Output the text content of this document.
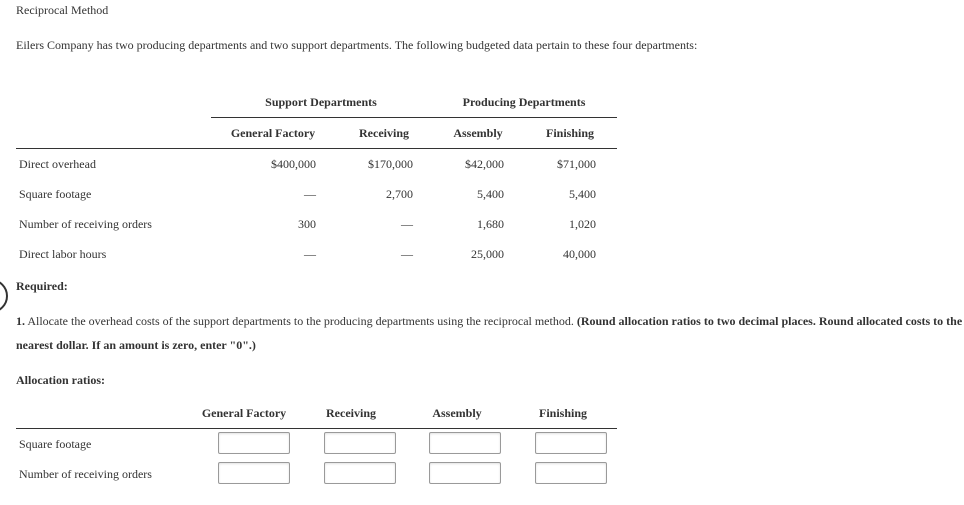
Reciprocal Method
Eilers Company has two producing departments and two support departments. The following budgeted data pertain to these four departments:
Support Departments	Producing Departments
General Factory	Receiving	Assembly	Finishing
Direct overhead	$400,000	$170,000	$42,000	$71,000
Square footage	—	2,700	5,400	5,400
Number of receiving orders	300	—	1,680	1,020
Direct labor hours	—	—	25,000	40,000
Required:
1. Allocate the overhead costs of the support departments to the producing departments using the reciprocal method. (Round allocation ratios to two decimal places. Round allocated costs to the
nearest dollar. If an amount is zero, enter "0".)
Allocation ratios:
General Factory	Receiving	Assembly	Finishing
Square footage
Number of receiving orders
